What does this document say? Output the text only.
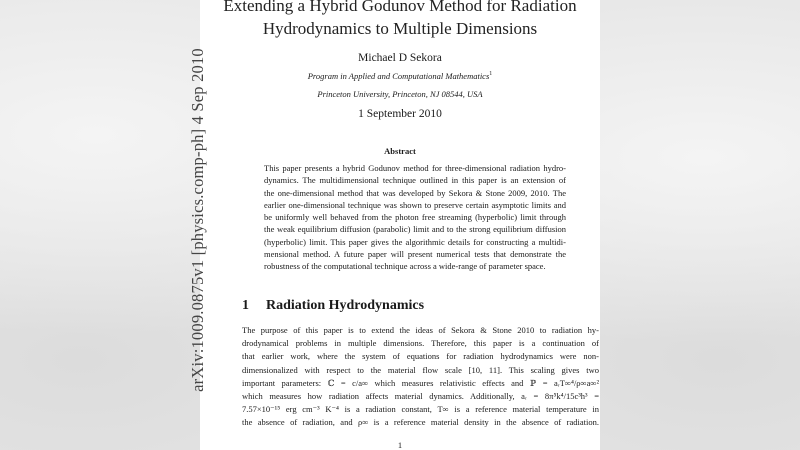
Extending a Hybrid Godunov Method for Radiation
Hydrodynamics to Multiple Dimensions
Michael D Sekora
Program in Applied and Computational Mathematics$^1$
Princeton University, Princeton, NJ 08544, USA
1 September 2010
Abstract
This paper presents a hybrid Godunov method for three-dimensional radiation hydro-
dynamics. The multidimensional technique outlined in this paper is an extension of
the one-dimensional method that was developed by Sekora & Stone 2009, 2010. The
earlier one-dimensional technique was shown to preserve certain asymptotic limits and
be uniformly well behaved from the photon free streaming (hyperbolic) limit through
the weak equilibrium diffusion (parabolic) limit and to the strong equilibrium diffusion
(hyperbolic) limit. This paper gives the algorithmic details for constructing a multidi-
mensional method. A future paper will present numerical tests that demonstrate the
robustness of the computational technique across a wide-range of parameter space.
1 Radiation Hydrodynamics
The purpose of this paper is to extend the ideas of Sekora & Stone 2010 to radiation hy-
drodynamical problems in multiple dimensions. Therefore, this paper is a continuation of
that earlier work, where the system of equations for radiation hydrodynamics were non-
dimensionalized with respect to the material flow scale [10, 11]. This scaling gives two
important parameters: ℂ = c/a∞ which measures relativistic effects and ℙ = aᵣT∞⁴/ρ∞a∞²
which measures how radiation affects material dynamics. Additionally, aᵣ = 8π⁵k⁴/15c³h³ =
7.57×10⁻¹⁵ erg cm⁻³ K⁻⁴ is a radiation constant, T∞ is a reference material temperature in
the absence of radiation, and ρ∞ is a reference material density in the absence of radiation.
1
arXiv:1009.0875v1 [physics.comp-ph] 4 Sep 2010
